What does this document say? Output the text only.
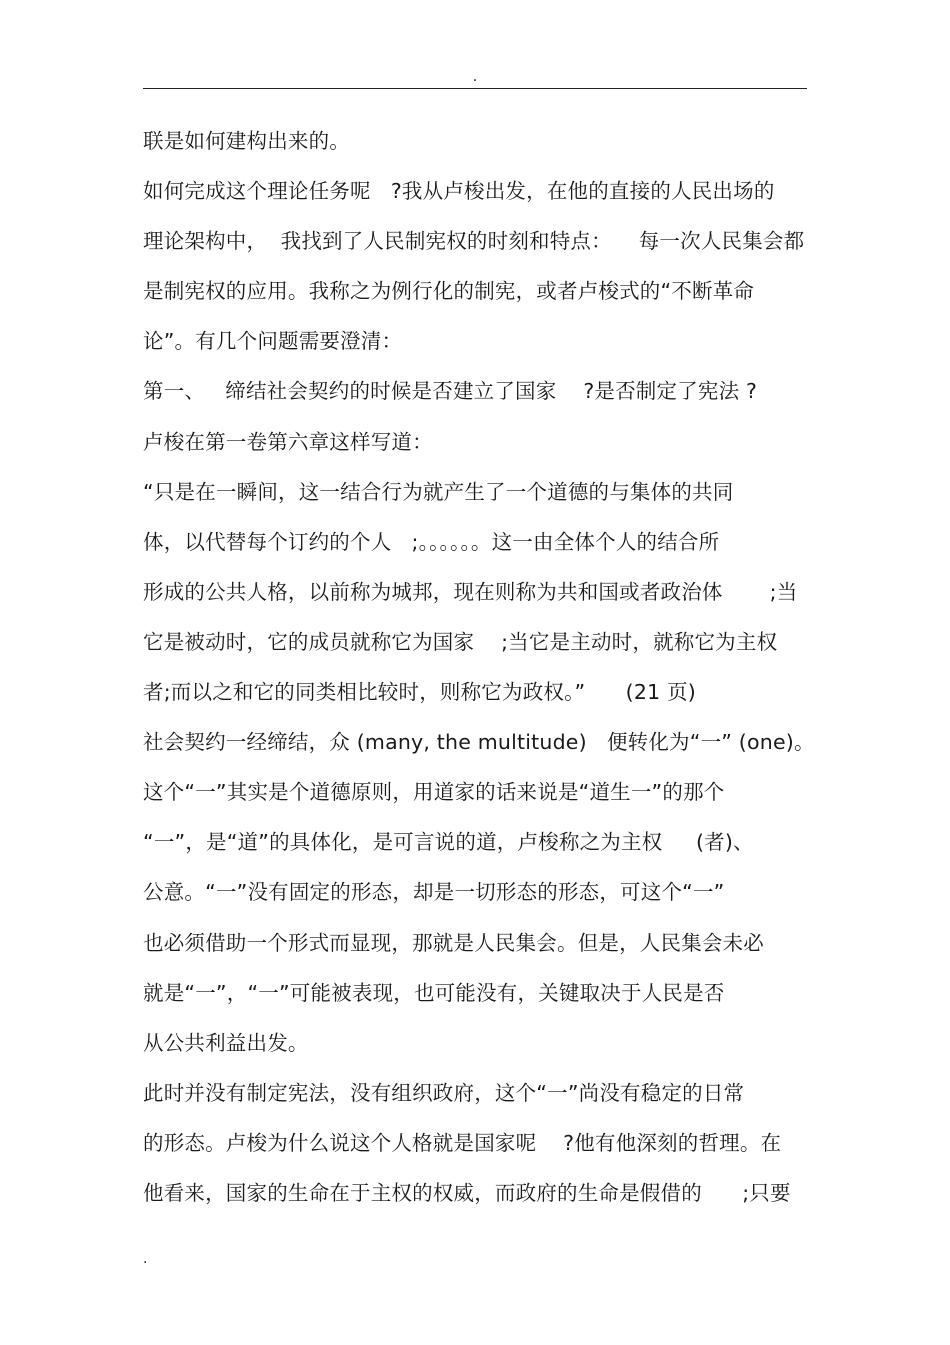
.
联是如何建构出来的。
如何完成这个理论任务呢   ?我从卢梭出发，在他的直接的人民出场的
理论架构中，  我找到了人民制宪权的时刻和特点：    每一次人民集会都
是制宪权的应用。我称之为例行化的制宪，或者卢梭式的“不断革命
论”。有几个问题需要澄清：
第一、   缔结社会契约的时候是否建立了国家    ?是否制定了宪法 ?
卢梭在第一卷第六章这样写道：
“只是在一瞬间，这一结合行为就产生了一个道德的与集体的共同
体，以代替每个订约的个人   ;。。。。。。这一由全体个人的结合所
形成的公共人格，以前称为城邦，现在则称为共和国或者政治体       ;当
它是被动时，它的成员就称它为国家    ;当它是主动时，就称它为主权
者;而以之和它的同类相比较时，则称它为政权。”      (21 页)
社会契约一经缔结，众 (many, the multitude)   便转化为“一” (one)。
这个“一”其实是个道德原则，用道家的话来说是“道生一”的那个
“一”，是“道”的具体化，是可言说的道，卢梭称之为主权     (者)、
公意。“一”没有固定的形态，却是一切形态的形态，可这个“一”
也必须借助一个形式而显现，那就是人民集会。但是，人民集会未必
就是“一”，“一”可能被表现，也可能没有，关键取决于人民是否
从公共利益出发。
此时并没有制定宪法，没有组织政府，这个“一”尚没有稳定的日常
的形态。卢梭为什么说这个人格就是国家呢    ?他有他深刻的哲理。在
他看来，国家的生命在于主权的权威，而政府的生命是假借的      ;只要
.
